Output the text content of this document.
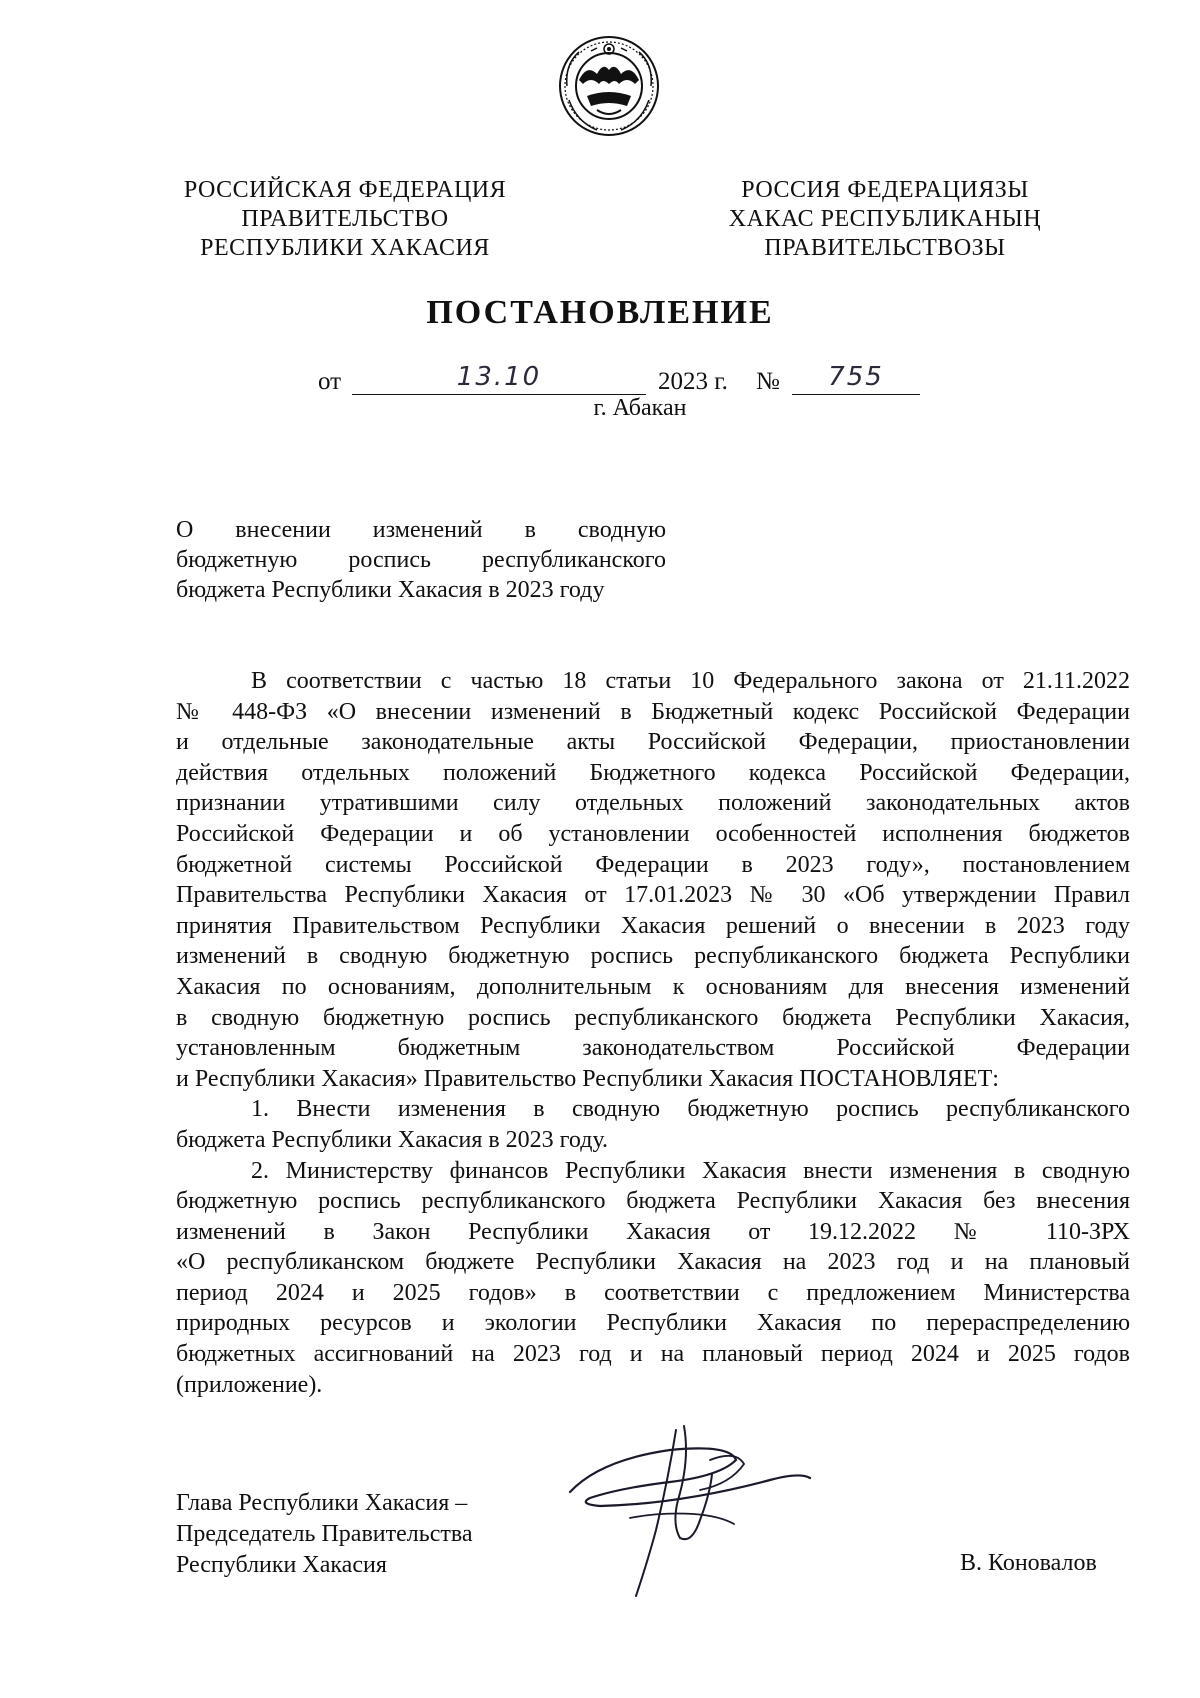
РОССИЙСКАЯ ФЕДЕРАЦИЯ
ПРАВИТЕЛЬСТВО
РЕСПУБЛИКИ ХАКАСИЯ
РОССИЯ ФЕДЕРАЦИЯЗЫ
ХАКАС РЕСПУБЛИКАНЫҢ
ПРАВИТЕЛЬСТВОЗЫ
ПОСТАНОВЛЕНИЕ
от	13.10	2023 г. №	755
г. Абакан
О внесении изменений в сводную
бюджетную роспись республиканского
бюджета Республики Хакасия в 2023 году
В соответствии с частью 18 статьи 10 Федерального закона от 21.11.2022
№ 448-ФЗ «О внесении изменений в Бюджетный кодекс Российской Федерации
и отдельные законодательные акты Российской Федерации, приостановлении
действия отдельных положений Бюджетного кодекса Российской Федерации,
признании утратившими силу отдельных положений законодательных актов
Российской Федерации и об установлении особенностей исполнения бюджетов
бюджетной системы Российской Федерации в 2023 году», постановлением
Правительства Республики Хакасия от 17.01.2023 № 30 «Об утверждении Правил
принятия Правительством Республики Хакасия решений о внесении в 2023 году
изменений в сводную бюджетную роспись республиканского бюджета Республики
Хакасия по основаниям, дополнительным к основаниям для внесения изменений
в сводную бюджетную роспись республиканского бюджета Республики Хакасия,
установленным бюджетным законодательством Российской Федерации
и Республики Хакасия» Правительство Республики Хакасия ПОСТАНОВЛЯЕТ:
1. Внести изменения в сводную бюджетную роспись республиканского
бюджета Республики Хакасия в 2023 году.
2. Министерству финансов Республики Хакасия внести изменения в сводную
бюджетную роспись республиканского бюджета Республики Хакасия без внесения
изменений в Закон Республики Хакасия от 19.12.2022 № 110-ЗРХ
«О республиканском бюджете Республики Хакасия на 2023 год и на плановый
период 2024 и 2025 годов» в соответствии с предложением Министерства
природных ресурсов и экологии Республики Хакасия по перераспределению
бюджетных ассигнований на 2023 год и на плановый период 2024 и 2025 годов
(приложение).
Глава Республики Хакасия –
Председатель Правительства
Республики Хакасия	В. Коновалов
